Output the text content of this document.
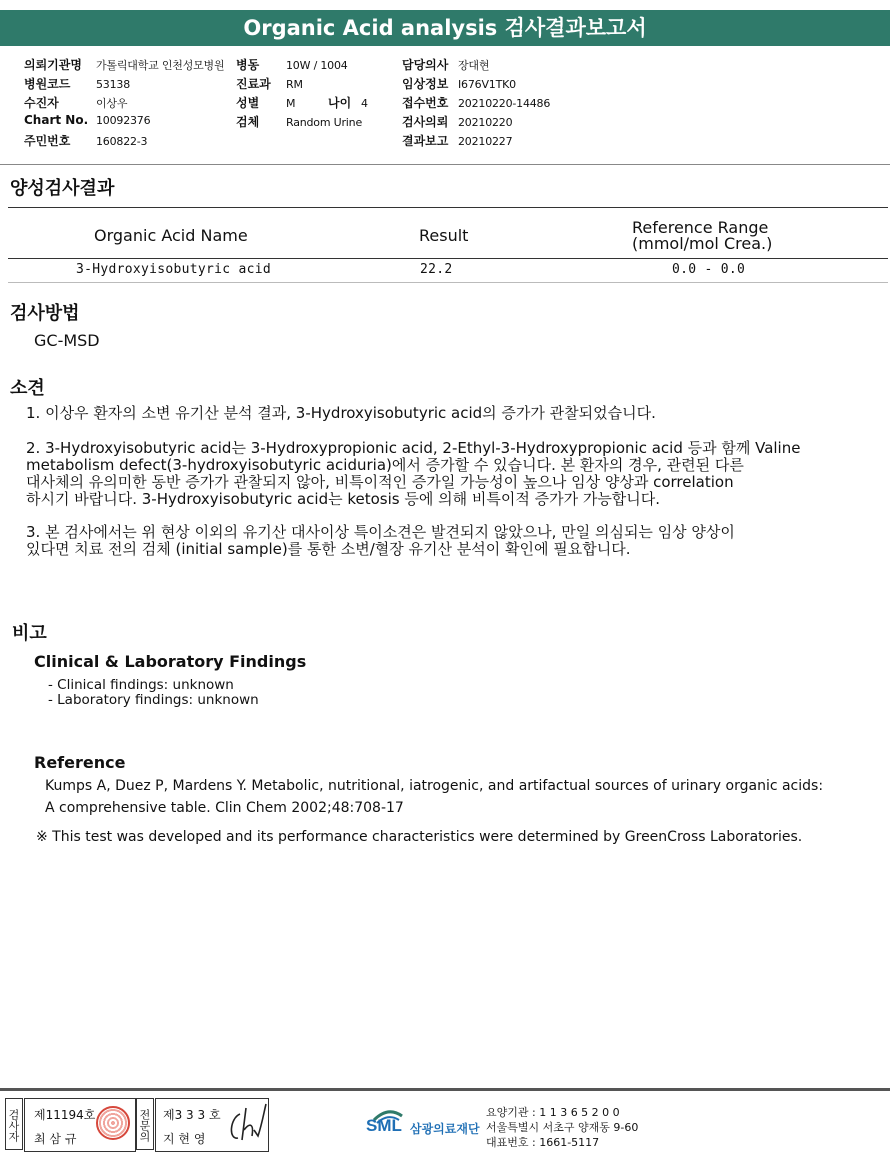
Organic Acid analysis 검사결과보고서
의뢰기관명 가톨릭대학교 인천성모병원
병원코드 53138
수진자	이상우
Chart No. 10092376
주민번호 160822-3
병동 10W / 1004
진료과 RM
성별 M	나이 4
검체 Random Urine
담당의사 장대현
임상정보 I676V1TK0
접수번호 20210220-14486
검사의뢰 20210220
결과보고 20210227
양성검사결과
Organic Acid Name	Result	Reference Range
(mmol/mol Crea.)
3-Hydroxyisobutyric acid	22.2	0.0 - 0.0
검사방법
GC-MSD
소견
1. 이상우 환자의 소변 유기산 분석 결과, 3-Hydroxyisobutyric acid의 증가가 관찰되었습니다.
2. 3-Hydroxyisobutyric acid는 3-Hydroxypropionic acid, 2-Ethyl-3-Hydroxypropionic acid 등과 함께 Valine
metabolism defect(3-hydroxyisobutyric aciduria)에서 증가할 수 있습니다. 본 환자의 경우, 관련된 다른
대사체의 유의미한 동반 증가가 관찰되지 않아, 비특이적인 증가일 가능성이 높으나 임상 양상과 correlation
하시기 바랍니다. 3-Hydroxyisobutyric acid는 ketosis 등에 의해 비특이적 증가가 가능합니다.
3. 본 검사에서는 위 현상 이외의 유기산 대사이상 특이소견은 발견되지 않았으나, 만일 의심되는 임상 양상이
있다면 치료 전의 검체 (initial sample)를 통한 소변/혈장 유기산 분석이 확인에 필요합니다.
비고
Clinical & Laboratory Findings
- Clinical findings: unknown
- Laboratory findings: unknown
Reference
Kumps A, Duez P, Mardens Y. Metabolic, nutritional, iatrogenic, and artifactual sources of urinary organic acids:
A comprehensive table. Clin Chem 2002;48:708-17
※ This test was developed and its performance characteristics were determined by GreenCross Laboratories.
검사자 제11194호
최 삼 규	전문의 제3 3 3 호
지 현 영
SML 삼광의료재단
요양기관 : 1 1 3 6 5 2 0 0
서울특별시 서초구 양재동 9-60
대표번호 : 1661-5117
